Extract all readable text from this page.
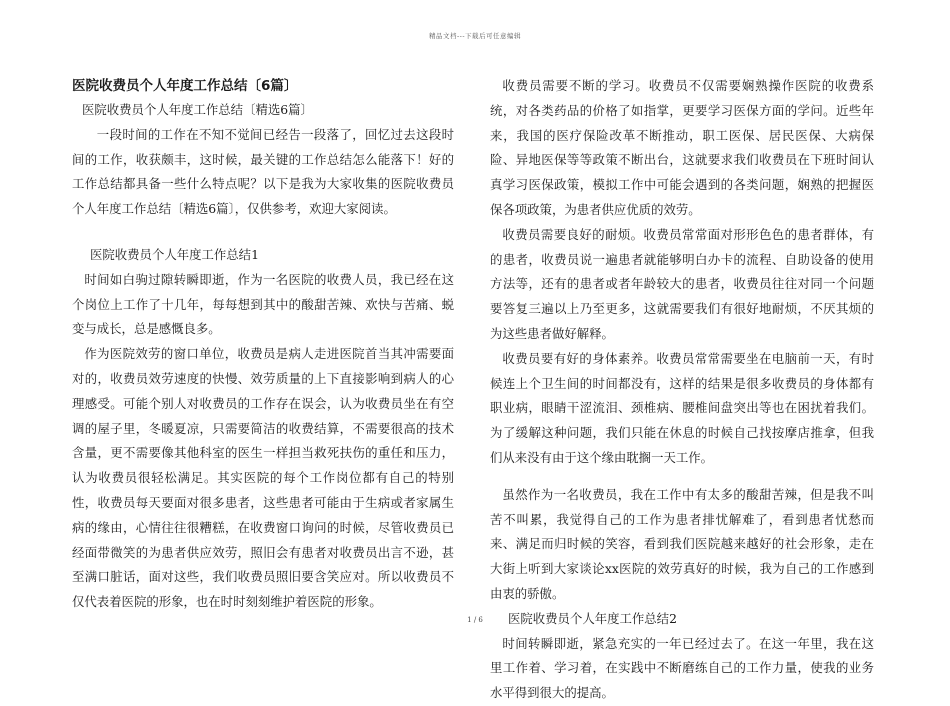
精品文档---下载后可任意编辑

医院收费员个人年度工作总结〔6篇〕

医院收费员个人年度工作总结〔精选6篇〕

一段时间的工作在不知不觉间已经告一段落了，回忆过去这段时间的工作，收获颇丰，这时候，最关键的工作总结怎么能落下！好的工作总结都具备一些什么特点呢？以下是我为大家收集的医院收费员个人年度工作总结〔精选6篇〕，仅供参考，欢迎大家阅读。

医院收费员个人年度工作总结1

时间如白驹过隙转瞬即逝，作为一名医院的收费人员，我已经在这个岗位上工作了十几年，每每想到其中的酸甜苦辣、欢快与苦痛、蜕变与成长，总是感慨良多。

作为医院效劳的窗口单位，收费员是病人走进医院首当其冲需要面对的，收费员效劳速度的快慢、效劳质量的上下直接影响到病人的心理感受。可能个别人对收费员的工作存在误会，认为收费员坐在有空调的屋子里，冬暖夏凉，只需要简洁的收费结算，不需要很高的技术含量，更不需要像其他科室的医生一样担当救死扶伤的重任和压力，认为收费员很轻松满足。其实医院的每个工作岗位都有自己的特别性，收费员每天要面对很多患者，这些患者可能由于生病或者家属生病的缘由，心情往往很糟糕，在收费窗口询问的时候，尽管收费员已经面带微笑的为患者供应效劳，照旧会有患者对收费员出言不逊，甚至满口脏话，面对这些，我们收费员照旧要含笑应对。所以收费员不仅代表着医院的形象，也在时时刻刻维护着医院的形象。

收费员需要不断的学习。收费员不仅需要娴熟操作医院的收费系统，对各类药品的价格了如指掌，更要学习医保方面的学问。近些年来，我国的医疗保险改革不断推动，职工医保、居民医保、大病保险、异地医保等等政策不断出台，这就要求我们收费员在下班时间认真学习医保政策，模拟工作中可能会遇到的各类问题，娴熟的把握医保各项政策，为患者供应优质的效劳。

收费员需要良好的耐烦。收费员常常面对形形色色的患者群体，有的患者，收费员说一遍患者就能够明白办卡的流程、自助设备的使用方法等，还有的患者或者年龄较大的患者，收费员往往对同一个问题要答复三遍以上乃至更多，这就需要我们有很好地耐烦，不厌其烦的为这些患者做好解释。

收费员要有好的身体素养。收费员常常需要坐在电脑前一天，有时候连上个卫生间的时间都没有，这样的结果是很多收费员的身体都有职业病，眼睛干涩流泪、颈椎病、腰椎间盘突出等也在困扰着我们。为了缓解这种问题，我们只能在休息的时候自己找按摩店推拿，但我们从来没有由于这个缘由耽搁一天工作。

虽然作为一名收费员，我在工作中有太多的酸甜苦辣，但是我不叫苦不叫累，我觉得自己的工作为患者排忧解难了，看到患者忧愁而来、满足而归时候的笑容，看到我们医院越来越好的社会形象，走在大街上听到大家谈论xx医院的效劳真好的时候，我为自己的工作感到由衷的骄傲。

医院收费员个人年度工作总结2

时间转瞬即逝，紧急充实的一年已经过去了。在这一年里，我在这里工作着、学习着，在实践中不断磨练自己的工作力量，使我的业务水平得到很大的提高。

1 / 6
